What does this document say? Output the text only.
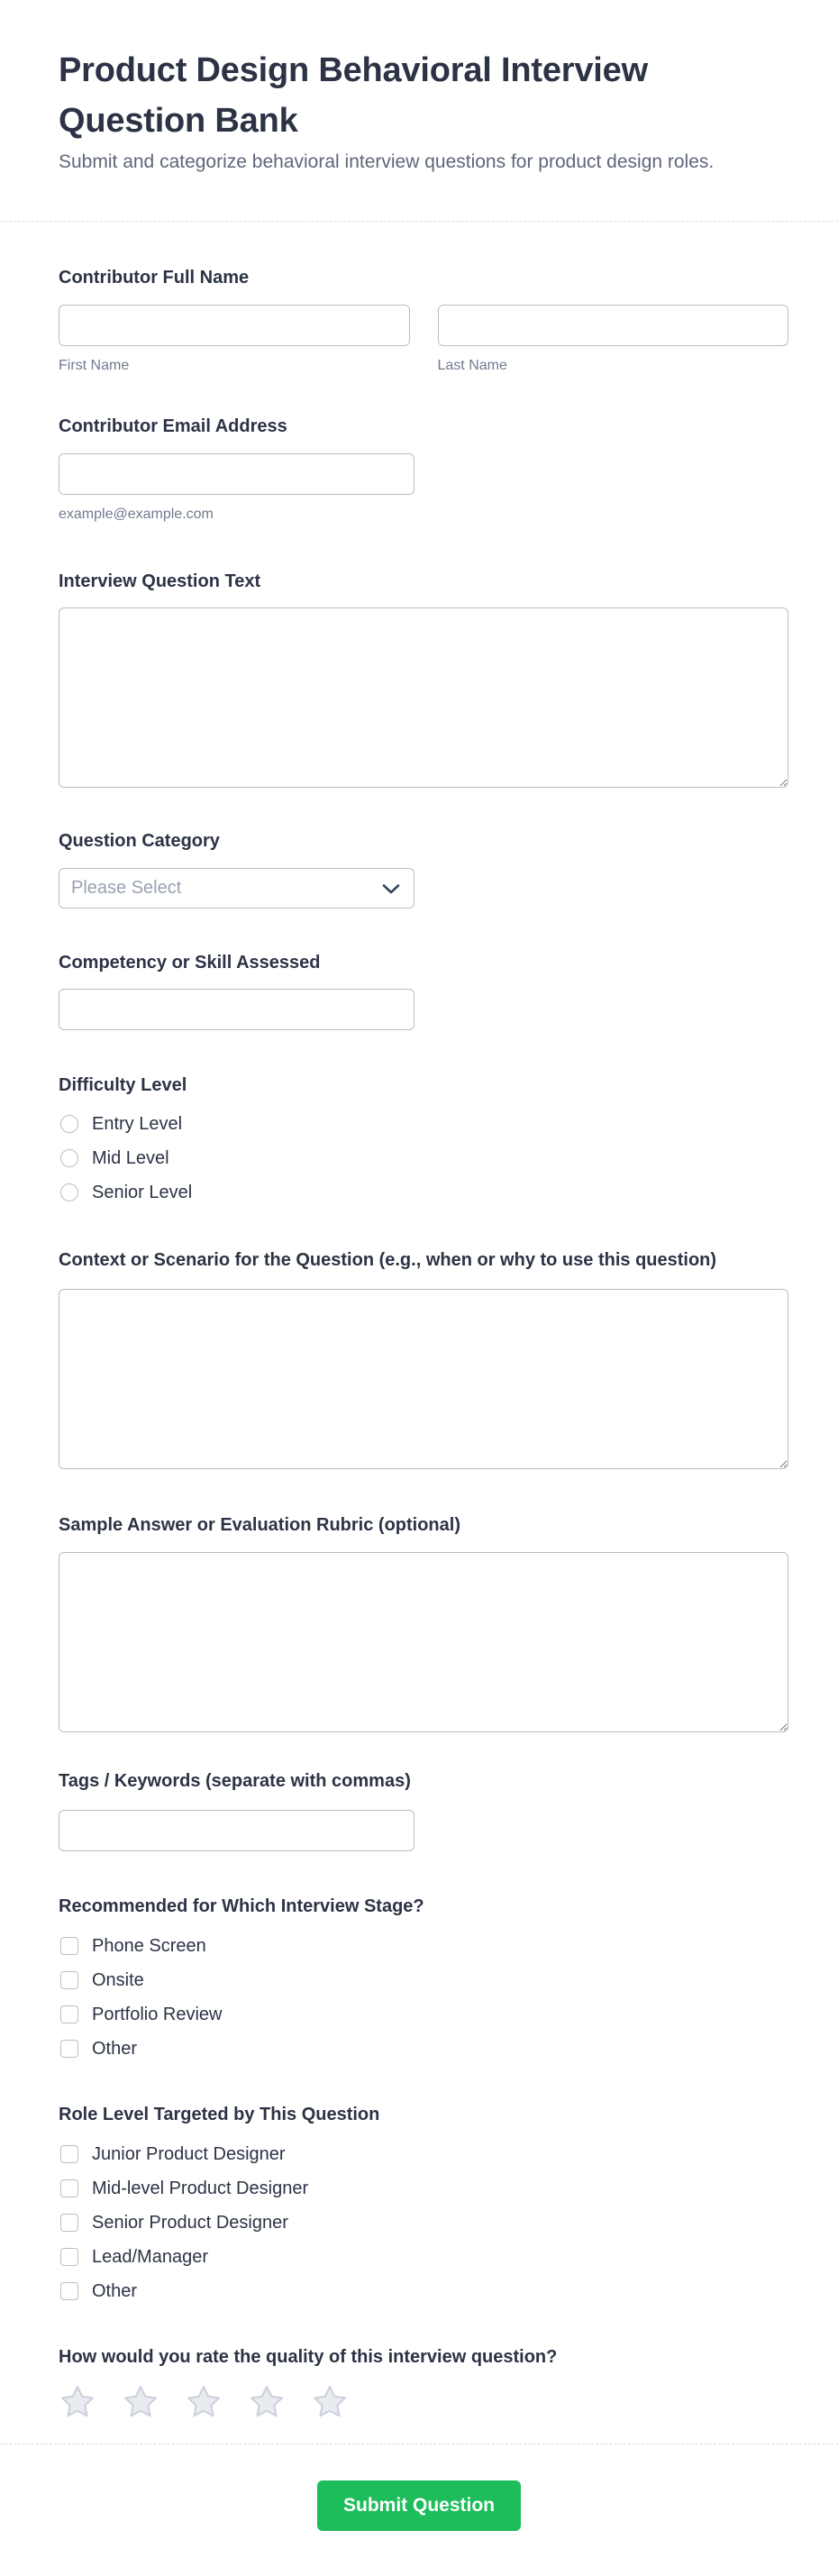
Product Design Behavioral Interview Question Bank

Submit and categorize behavioral interview questions for product design roles.

Contributor Full Name
First Name	Last Name
Contributor Email Address
example@example.com
Interview Question Text
Question Category
Please Select
Competency or Skill Assessed
Difficulty Level
Entry Level
Mid Level
Senior Level
Context or Scenario for the Question (e.g., when or why to use this question)
Sample Answer or Evaluation Rubric (optional)
Tags / Keywords (separate with commas)
Recommended for Which Interview Stage?
Phone Screen
Onsite
Portfolio Review
Other
Role Level Targeted by This Question
Junior Product Designer
Mid-level Product Designer
Senior Product Designer
Lead/Manager
Other
How would you rate the quality of this interview question?
Submit Question
